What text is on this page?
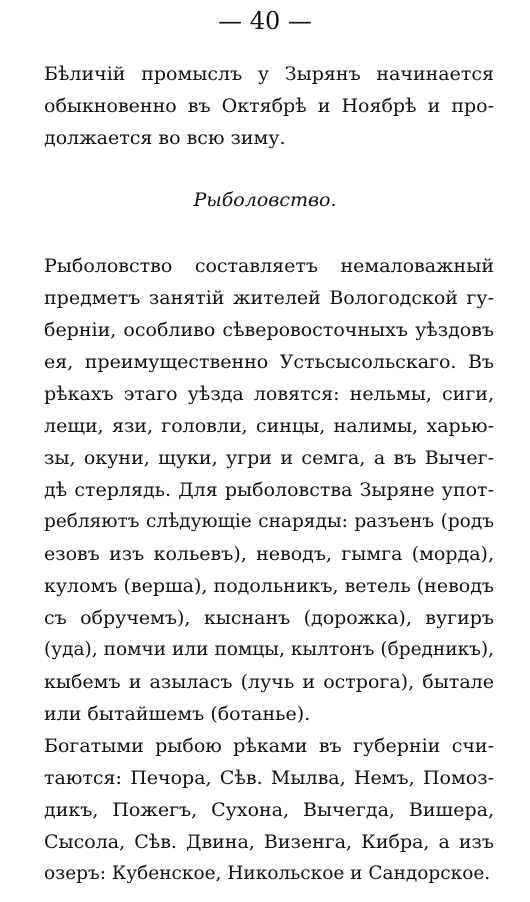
— 40 —
Бѣличій промыслъ у Зырянъ начинается
обыкновенно въ Октябрѣ и Ноябрѣ и про-
должается во всю зиму.
Рыболовство.
Рыболовство составляетъ немаловажный
предметъ занятій жителей Вологодской гу-
берніи, особливо сѣверовосточныхъ уѣздовъ
ея, преимущественно Устьсысольскаго. Въ
рѣкахъ этаго уѣзда ловятся: нельмы, сиги,
лещи, язи, головли, синцы, налимы, харью-
зы, окуни, щуки, угри и семга, а въ Вычег-
дѣ стерлядь. Для рыболовства Зыряне упот-
ребляютъ слѣдующіе снаряды: разъенъ (родъ
езовъ изъ кольевъ), неводъ, гымга (морда),
куломъ (верша), подольникъ, ветель (неводъ
съ обручемъ), кыснанъ (дорожка), вугиръ
(уда), помчи или помцы, кылтонъ (бредникъ),
кыбемъ и азыласъ (лучь и острога), бытале
или бытайшемъ (ботанье).
Богатыми рыбою рѣками въ губерніи счи-
таются: Печора, Сѣв. Мылва, Немъ, Помоз-
дикъ, Пожегъ, Сухона, Вычегда, Вишера,
Сысола, Сѣв. Двина, Визенга, Кибра, а изъ
озеръ: Кубенское, Никольское и Сандорское.
